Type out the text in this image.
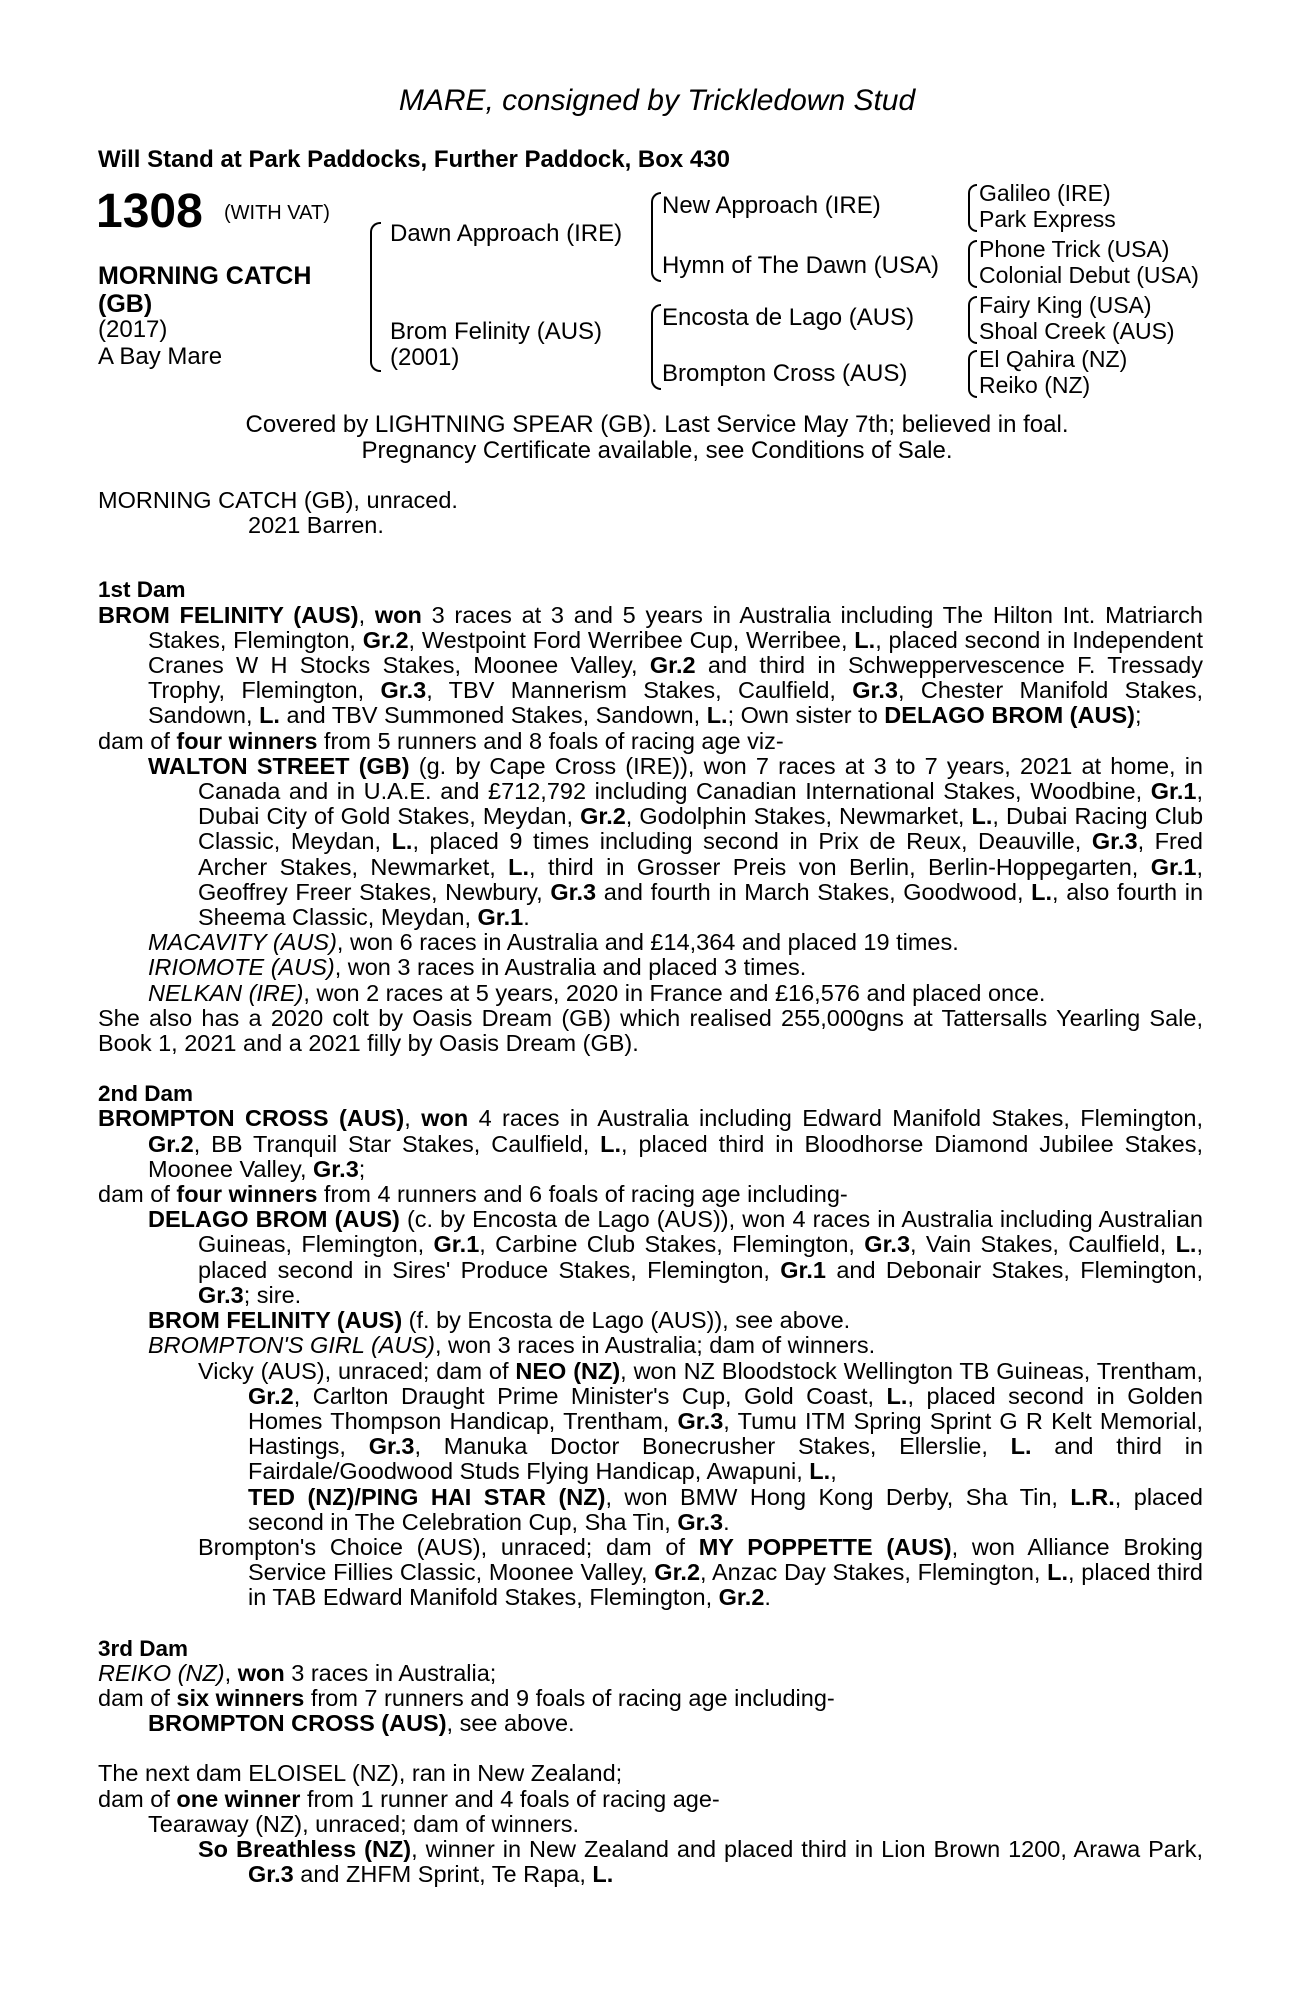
MARE, consigned by Trickledown Stud
Will Stand at Park Paddocks, Further Paddock, Box 430
1308 (WITH VAT)
MORNING CATCH
(GB)
(2017)
A Bay Mare
Dawn Approach (IRE)
Brom Felinity (AUS)
(2001)
New Approach (IRE)
Hymn of The Dawn (USA)
Encosta de Lago (AUS)
Brompton Cross (AUS)
Galileo (IRE)
Park Express
Phone Trick (USA)
Colonial Debut (USA)
Fairy King (USA)
Shoal Creek (AUS)
El Qahira (NZ)
Reiko (NZ)
Covered by LIGHTNING SPEAR (GB). Last Service May 7th; believed in foal.
Pregnancy Certificate available, see Conditions of Sale.

MORNING CATCH (GB), unraced.

2021 Barren.

1st Dam

BROM FELINITY (AUS), won 3 races at 3 and 5 years in Australia including The Hilton Int. Matriarch Stakes, Flemington, Gr.2, Westpoint Ford Werribee Cup, Werribee, L., placed second in Independent Cranes W H Stocks Stakes, Moonee Valley, Gr.2 and third in Schweppervescence F. Tressady Trophy, Flemington, Gr.3, TBV Mannerism Stakes, Caulfield, Gr.3, Chester Manifold Stakes, Sandown, L. and TBV Summoned Stakes, Sandown, L.; Own sister to DELAGO BROM (AUS);

dam of four winners from 5 runners and 8 foals of racing age viz-

WALTON STREET (GB) (g. by Cape Cross (IRE)), won 7 races at 3 to 7 years, 2021 at home, in Canada and in U.A.E. and £712,792 including Canadian International Stakes, Woodbine, Gr.1, Dubai City of Gold Stakes, Meydan, Gr.2, Godolphin Stakes, Newmarket, L., Dubai Racing Club Classic, Meydan, L., placed 9 times including second in Prix de Reux, Deauville, Gr.3, Fred Archer Stakes, Newmarket, L., third in Grosser Preis von Berlin, Berlin-Hoppegarten, Gr.1, Geoffrey Freer Stakes, Newbury, Gr.3 and fourth in March Stakes, Goodwood, L., also fourth in Sheema Classic, Meydan, Gr.1.

MACAVITY (AUS), won 6 races in Australia and £14,364 and placed 19 times.

IRIOMOTE (AUS), won 3 races in Australia and placed 3 times.

NELKAN (IRE), won 2 races at 5 years, 2020 in France and £16,576 and placed once.

She also has a 2020 colt by Oasis Dream (GB) which realised 255,000gns at Tattersalls Yearling Sale, Book 1, 2021 and a 2021 filly by Oasis Dream (GB).

2nd Dam

BROMPTON CROSS (AUS), won 4 races in Australia including Edward Manifold Stakes, Flemington, Gr.2, BB Tranquil Star Stakes, Caulfield, L., placed third in Bloodhorse Diamond Jubilee Stakes, Moonee Valley, Gr.3;

dam of four winners from 4 runners and 6 foals of racing age including-

DELAGO BROM (AUS) (c. by Encosta de Lago (AUS)), won 4 races in Australia including Australian Guineas, Flemington, Gr.1, Carbine Club Stakes, Flemington, Gr.3, Vain Stakes, Caulfield, L., placed second in Sires' Produce Stakes, Flemington, Gr.1 and Debonair Stakes, Flemington, Gr.3; sire.

BROM FELINITY (AUS) (f. by Encosta de Lago (AUS)), see above.

BROMPTON'S GIRL (AUS), won 3 races in Australia; dam of winners.

Vicky (AUS), unraced; dam of NEO (NZ), won NZ Bloodstock Wellington TB Guineas, Trentham, Gr.2, Carlton Draught Prime Minister's Cup, Gold Coast, L., placed second in Golden Homes Thompson Handicap, Trentham, Gr.3, Tumu ITM Spring Sprint G R Kelt Memorial, Hastings, Gr.3, Manuka Doctor Bonecrusher Stakes, Ellerslie, L. and third in Fairdale/Goodwood Studs Flying Handicap, Awapuni, L.,
TED (NZ)/PING HAI STAR (NZ), won BMW Hong Kong Derby, Sha Tin, L.R., placed second in The Celebration Cup, Sha Tin, Gr.3.

Brompton's Choice (AUS), unraced; dam of MY POPPETTE (AUS), won Alliance Broking Service Fillies Classic, Moonee Valley, Gr.2, Anzac Day Stakes, Flemington, L., placed third in TAB Edward Manifold Stakes, Flemington, Gr.2.

3rd Dam

REIKO (NZ), won 3 races in Australia;

dam of six winners from 7 runners and 9 foals of racing age including-

BROMPTON CROSS (AUS), see above.

The next dam ELOISEL (NZ), ran in New Zealand;

dam of one winner from 1 runner and 4 foals of racing age-

Tearaway (NZ), unraced; dam of winners.

So Breathless (NZ), winner in New Zealand and placed third in Lion Brown 1200, Arawa Park, Gr.3 and ZHFM Sprint, Te Rapa, L.
